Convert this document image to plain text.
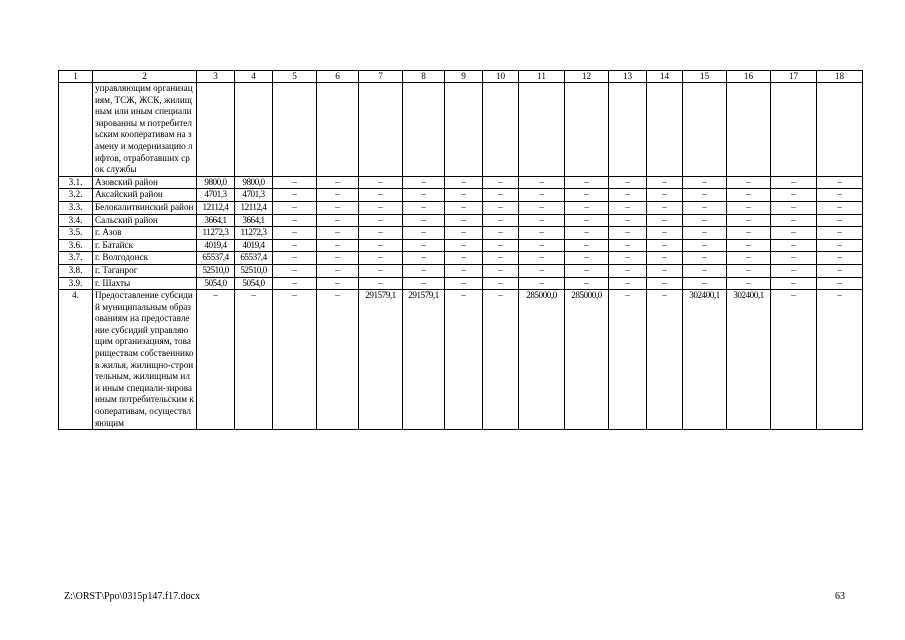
1	2	3	4	5	6	7	8	9	10	11	12	13	14	15	16	17	18
	управляющим организациям, ТСЖ, ЖСК, жилищным или иным специализированны м потребительским кооперативам на замену и модернизацию лифтов, отработавших срок службы																
3.1.	Азовский район	9800,0	9800,0	–	–	–	–	–	–	–	–	–	–	–	–	–	–
3.2.	Аксайский район	4701,3	4701,3	–	–	–	–	–	–	–	–	–	–	–	–	–	–
3.3.	Белокалитвинский район	12112,4	12112,4	–	–	–	–	–	–	–	–	–	–	–	–	–	–
3.4.	Сальский район	3664,1	3664,1	–	–	–	–	–	–	–	–	–	–	–	–	–	–
3.5.	г. Азов	11272,3	11272,3	–	–	–	–	–	–	–	–	–	–	–	–	–	–
3.6.	г. Батайск	4019,4	4019,4	–	–	–	–	–	–	–	–	–	–	–	–	–	–
3.7.	г. Волгодонск	65537,4	65537,4	–	–	–	–	–	–	–	–	–	–	–	–	–	–
3.8.	г. Таганрог	52510,0	52510,0	–	–	–	–	–	–	–	–	–	–	–	–	–	–
3.9.	г. Шахты	5054,0	5054,0	–	–	–	–	–	–	–	–	–	–	–	–	–	–
4.	Предоставление субсидий муниципальным образованиям на предоставление субсидий управляющим организациям, товариществам собственников жилья, жилищно-строительным, жилищным или иным специали-зированным потребительским кооперативам, осуществляющим	–	–	–	–	291579,1	291579,1	–	–	285000,0	285000,0	–	–	302400,1	302400,1	–	–
Z:\ORST\Ppo\0315p147.f17.docx	63
